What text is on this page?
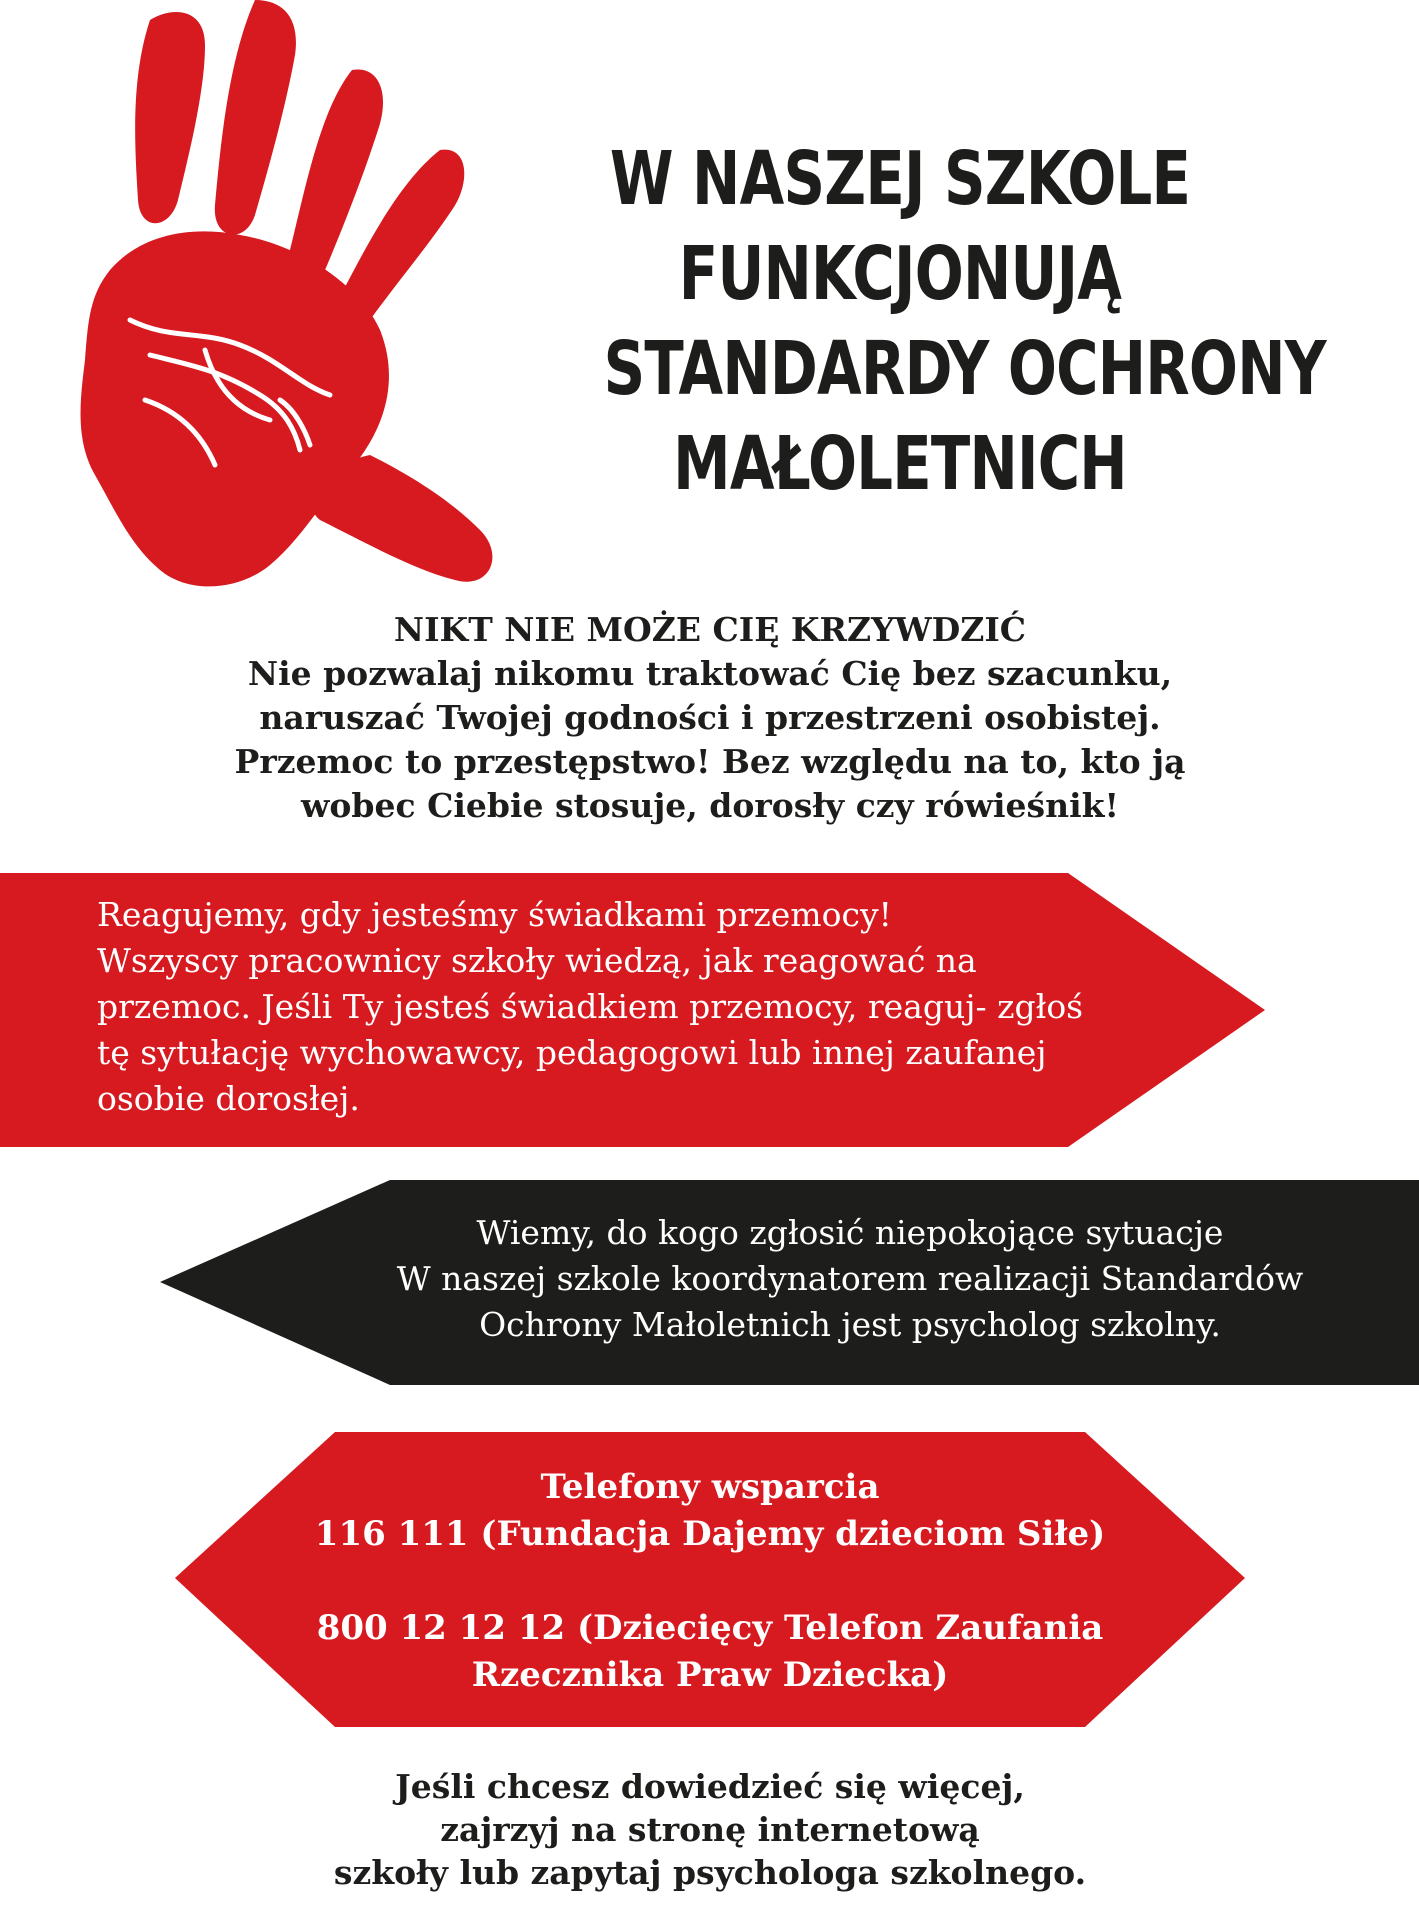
W NASZEJ SZKOLE
FUNKCJONUJĄ
STANDARDY OCHRONY
MAŁOLETNICH
NIKT NIE MOŻE CIĘ KRZYWDZIĆ
Nie pozwalaj nikomu traktować Cię bez szacunku,
naruszać Twojej godności i przestrzeni osobistej.
Przemoc to przestępstwo! Bez względu na to, kto ją
wobec Ciebie stosuje, dorosły czy rówieśnik!
Reagujemy, gdy jesteśmy świadkami przemocy!
Wszyscy pracownicy szkoły wiedzą, jak reagować na
przemoc. Jeśli Ty jesteś świadkiem przemocy, reaguj- zgłoś
tę sytułację wychowawcy, pedagogowi lub innej zaufanej
osobie dorosłej.
Wiemy, do kogo zgłosić niepokojące sytuacje
W naszej szkole koordynatorem realizacji Standardów
Ochrony Małoletnich jest psycholog szkolny.
Telefony wsparcia
116 111 (Fundacja Dajemy dzieciom Siłe)
800 12 12 12 (Dziecięcy Telefon Zaufania
Rzecznika Praw Dziecka)
Jeśli chcesz dowiedzieć się więcej,
zajrzyj na stronę internetową
szkoły lub zapytaj psychologa szkolnego.
